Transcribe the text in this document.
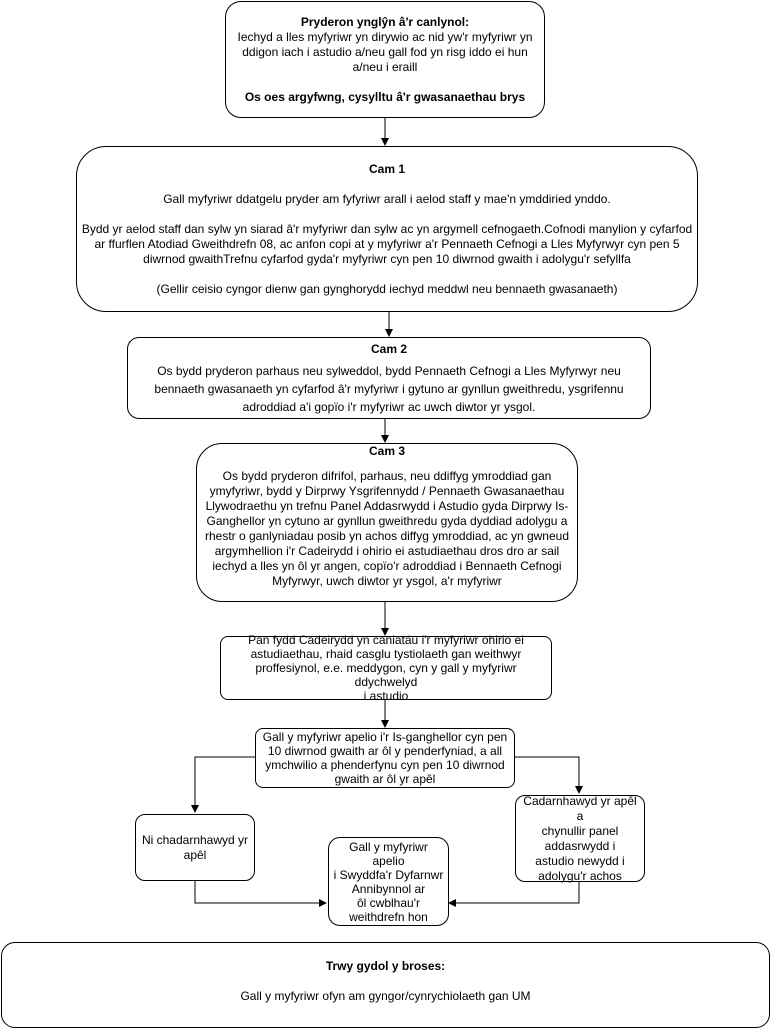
Pryderon ynglŷn â'r canlynol:

Iechyd a lles myfyriwr yn dirywio ac nid yw'r myfyriwr yn
ddigon iach i astudio a/neu gall fod yn risg iddo ei hun
a/neu i eraill

Os oes argyfwng, cysylltu â'r gwasanaethau brys

Cam 1

Gall myfyriwr ddatgelu pryder am fyfyriwr arall i aelod staff y mae'n ymddiried ynddo.

Bydd yr aelod staff dan sylw yn siarad â'r myfyriwr dan sylw ac yn argymell cefnogaeth.Cofnodi manylion y cyfarfod
ar ffurflen Atodiad Gweithdrefn 08, ac anfon copi at y myfyriwr a'r Pennaeth Cefnogi a Lles Myfyrwyr cyn pen 5
diwrnod gwaithTrefnu cyfarfod gyda'r myfyriwr cyn pen 10 diwrnod gwaith i adolygu'r sefyllfa

(Gellir ceisio cyngor dienw gan gynghorydd iechyd meddwl neu bennaeth gwasanaeth)

Cam 2

Os bydd pryderon parhaus neu sylweddol, bydd Pennaeth Cefnogi a Lles Myfyrwyr neu
bennaeth gwasanaeth yn cyfarfod â'r myfyriwr i gytuno ar gynllun gweithredu, ysgrifennu
adroddiad a'i gopïo i'r myfyriwr ac uwch diwtor yr ysgol.

Cam 3

Os bydd pryderon difrifol, parhaus, neu ddiffyg ymroddiad gan
ymyfyriwr, bydd y Dirprwy Ysgrifennydd / Pennaeth Gwasanaethau
Llywodraethu yn trefnu Panel Addasrwydd i Astudio gyda Dirprwy Is-
Ganghellor yn cytuno ar gynllun gweithredu gyda dyddiad adolygu a
rhestr o ganlyniadau posib yn achos diffyg ymroddiad, ac yn gwneud
argymhellion i'r Cadeirydd i ohirio ei astudiaethau dros dro ar sail
iechyd a lles yn ôl yr angen, copïo'r adroddiad i Bennaeth Cefnogi
Myfyrwyr, uwch diwtor yr ysgol, a'r myfyriwr

Pan fydd Cadeirydd yn caniatáu i'r myfyriwr ohirio ei
astudiaethau, rhaid casglu tystiolaeth gan weithwyr
proffesiynol, e.e. meddygon, cyn y gall y myfyriwr ddychwelyd
i astudio

Gall y myfyriwr apelio i'r Is-ganghellor cyn pen
10 diwrnod gwaith ar ôl y penderfyniad, a all
ymchwilio a phenderfynu cyn pen 10 diwrnod
gwaith ar ôl yr apêl

Ni chadarnhawyd yr
apêl

Cadarnhawyd yr apêl a
chynullir panel
addasrwydd i
astudio newydd i
adolygu'r achos

Gall y myfyriwr apelio
i Swyddfa'r Dyfarnwr
Annibynnol ar
ôl cwblhau'r
weithdrefn hon

Trwy gydol y broses:

Gall y myfyriwr ofyn am gyngor/cynrychiolaeth gan UM
